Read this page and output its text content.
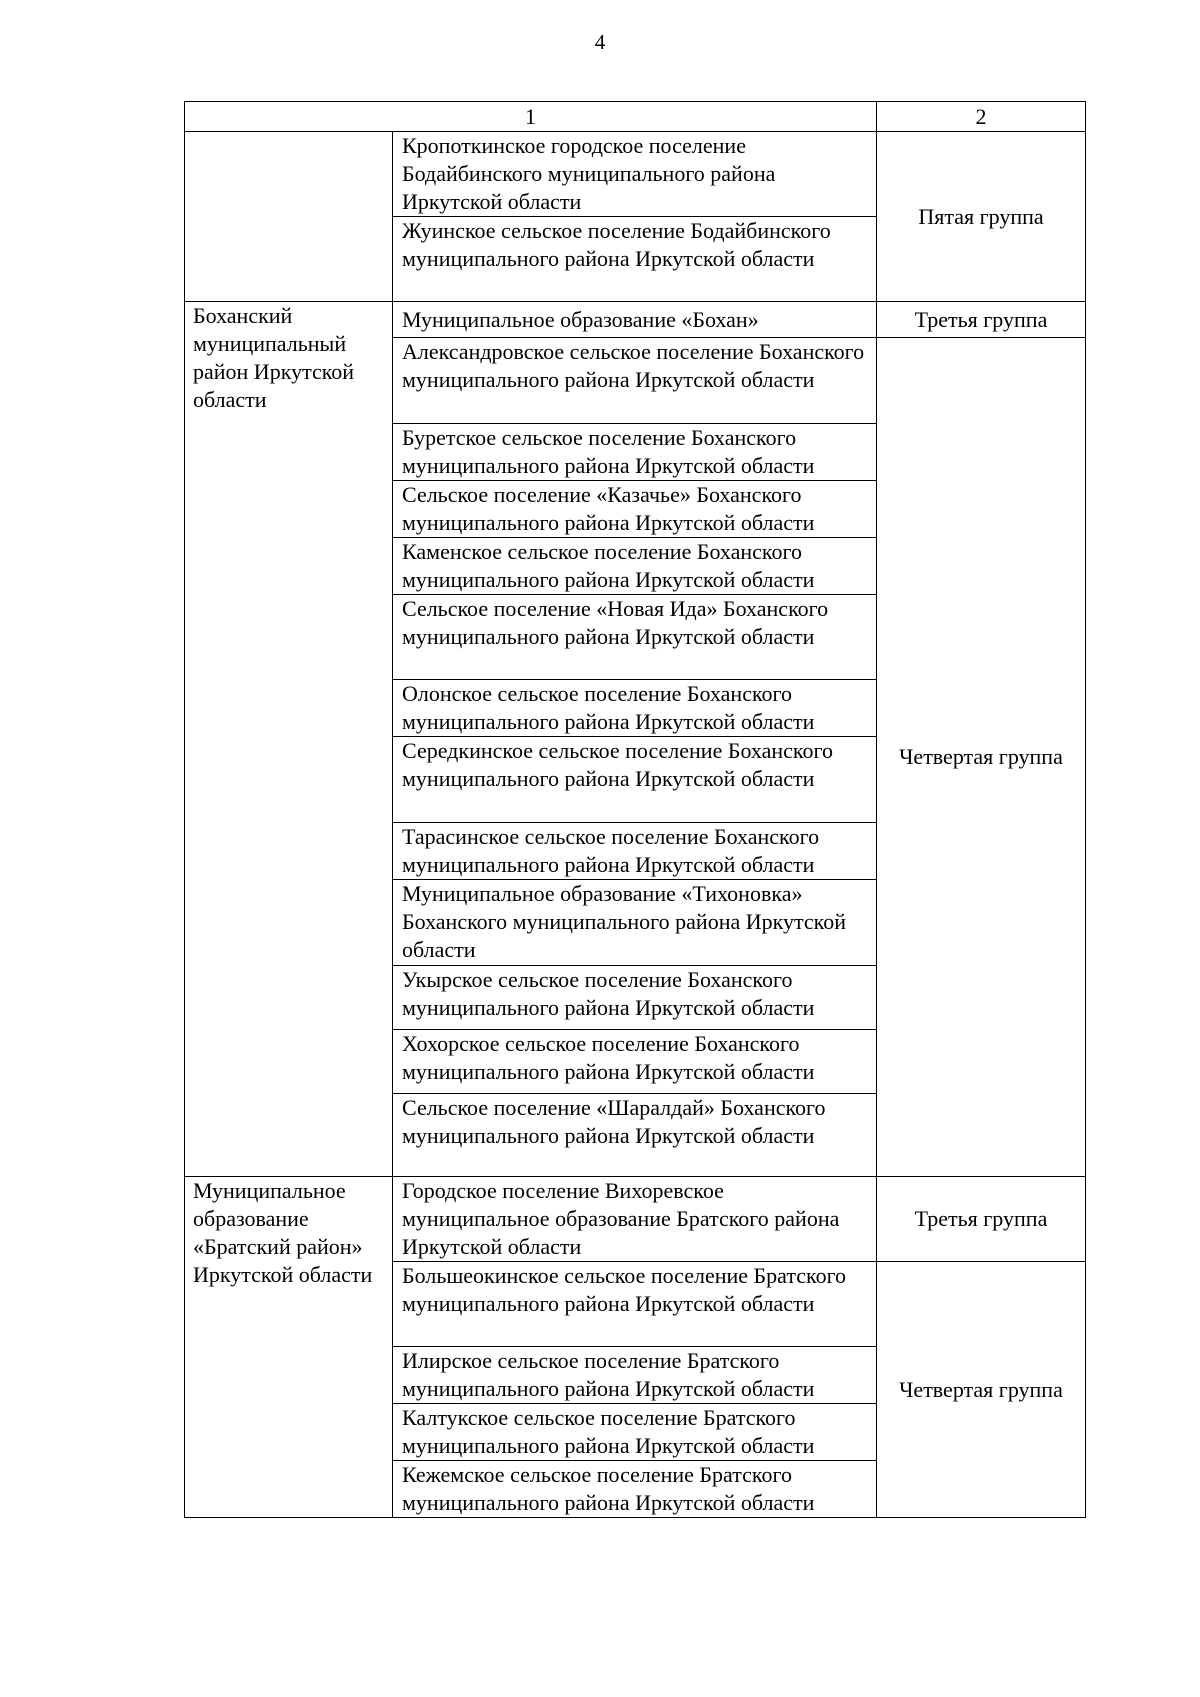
4
1		2
	Кропоткинское городское поселение Бодайбинского муниципального района Иркутской области	Пятая группа
	Жуинское сельское поселение Бодайбинского муниципального района Иркутской области	
Боханский муниципальный район Иркутской области	Муниципальное образование «Бохан»	Третья группа
	Александровское сельское поселение Боханского муниципального района Иркутской области	Четвертая группа
	Буретское сельское поселение Боханского муниципального района Иркутской области	
	Сельское поселение «Казачье» Боханского муниципального района Иркутской области	
	Каменское сельское поселение Боханского муниципального района Иркутской области	
	Сельское поселение «Новая Ида» Боханского муниципального района Иркутской области	
	Олонское сельское поселение Боханского муниципального района Иркутской области	
	Середкинское сельское поселение Боханского муниципального района Иркутской области	
	Тарасинское сельское поселение Боханского муниципального района Иркутской области	
	Муниципальное образование «Тихоновка» Боханского муниципального района Иркутской области	
	Укырское сельское поселение Боханского муниципального района Иркутской области	
	Хохорское сельское поселение Боханского муниципального района Иркутской области	
	Сельское поселение «Шаралдай» Боханского муниципального района Иркутской области	
Муниципальное образование «Братский район» Иркутской области	Городское поселение Вихоревское муниципальное образование Братского района Иркутской области	Третья группа
	Большеокинское сельское поселение Братского муниципального района Иркутской области	Четвертая группа
	Илирское сельское поселение Братского муниципального района Иркутской области	
	Калтукское сельское поселение Братского муниципального района Иркутской области	
	Кежемское сельское поселение Братского муниципального района Иркутской области	
